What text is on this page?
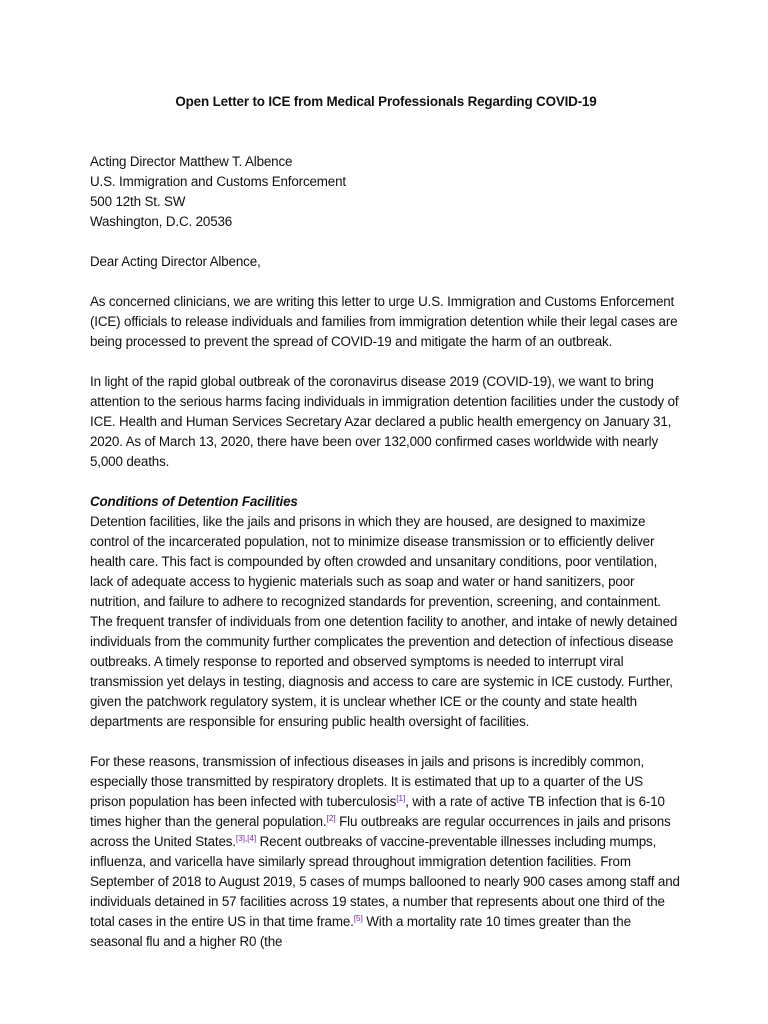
Open Letter to ICE from Medical Professionals Regarding COVID-19

Acting Director Matthew T. Albence

U.S. Immigration and Customs Enforcement

500 12th St. SW

Washington, D.C. 20536

Dear Acting Director Albence,

As concerned clinicians, we are writing this letter to urge U.S. Immigration and Customs Enforcement (ICE) officials to release individuals and families from immigration detention while their legal cases are being processed to prevent the spread of COVID-19 and mitigate the harm of an outbreak.

In light of the rapid global outbreak of the coronavirus disease 2019 (COVID-19), we want to bring attention to the serious harms facing individuals in immigration detention facilities under the custody of ICE. Health and Human Services Secretary Azar declared a public health emergency on January 31, 2020. As of March 13, 2020, there have been over 132,000 confirmed cases worldwide with nearly 5,000 deaths.

Conditions of Detention Facilities

Detention facilities, like the jails and prisons in which they are housed, are designed to maximize control of the incarcerated population, not to minimize disease transmission or to efficiently deliver health care. This fact is compounded by often crowded and unsanitary conditions, poor ventilation, lack of adequate access to hygienic materials such as soap and water or hand sanitizers, poor nutrition, and failure to adhere to recognized standards for prevention, screening, and containment. The frequent transfer of individuals from one detention facility to another, and intake of newly detained individuals from the community further complicates the prevention and detection of infectious disease outbreaks. A timely response to reported and observed symptoms is needed to interrupt viral transmission yet delays in testing, diagnosis and access to care are systemic in ICE custody. Further, given the patchwork regulatory system, it is unclear whether ICE or the county and state health departments are responsible for ensuring public health oversight of facilities.

For these reasons, transmission of infectious diseases in jails and prisons is incredibly common, especially those transmitted by respiratory droplets. It is estimated that up to a quarter of the US prison population has been infected with tuberculosis[1], with a rate of active TB infection that is 6-10 times higher than the general population.[2] Flu outbreaks are regular occurrences in jails and prisons across the United States.[3],[4] Recent outbreaks of vaccine-preventable illnesses including mumps, influenza, and varicella have similarly spread throughout immigration detention facilities. From September of 2018 to August 2019, 5 cases of mumps ballooned to nearly 900 cases among staff and individuals detained in 57 facilities across 19 states, a number that represents about one third of the total cases in the entire US in that time frame.[5] With a mortality rate 10 times greater than the seasonal flu and a higher R0 (the
